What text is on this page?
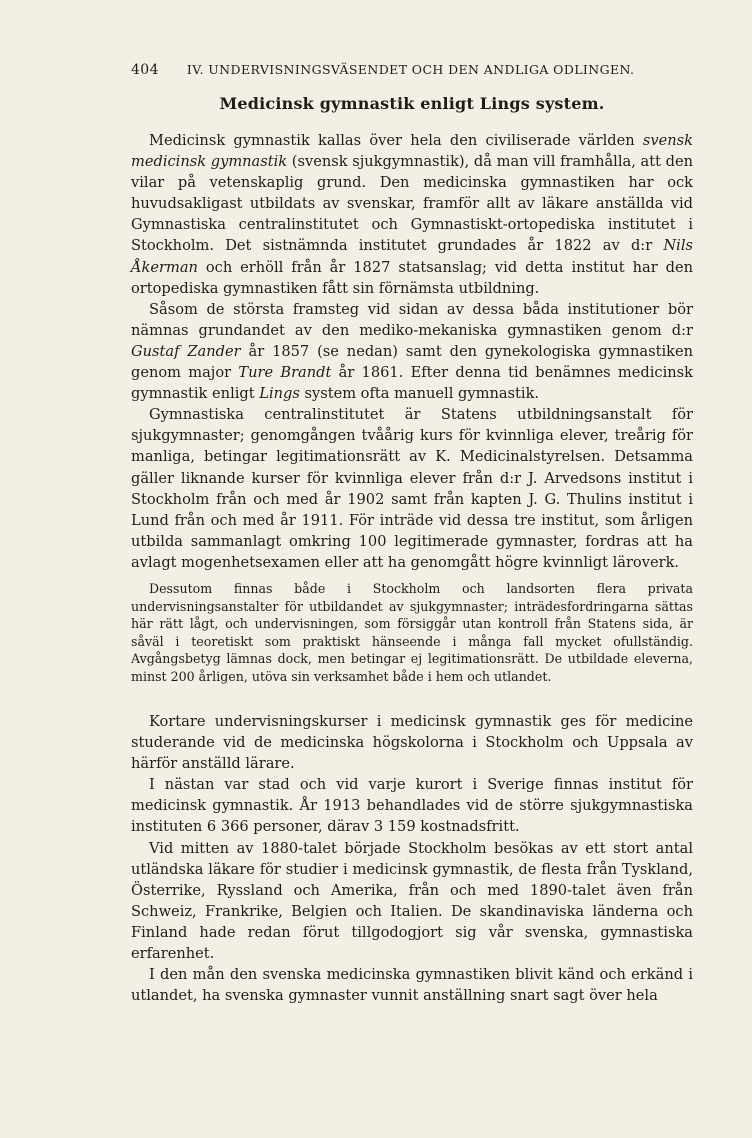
404 IV. UNDERVISNINGSVÄSENDET OCH DEN ANDLIGA ODLINGEN.
Medicinsk gymnastik enligt Lings system.

Medicinsk gymnastik kallas över hela den civiliserade världen svensk medicinsk gymnastik (svensk sjukgymnastik), då man vill framhålla, att den vilar på vetenskaplig grund. Den medicinska gymnastiken har ock huvudsakligast utbildats av svenskar, framför allt av läkare anställda vid Gymnastiska centralinstitutet och Gymnastiskt-ortopediska institutet i Stockholm. Det sistnämnda institutet grundades år 1822 av d:r Nils Åkerman och erhöll från år 1827 statsanslag; vid detta institut har den ortopediska gymnastiken fått sin förnämsta utbildning.

Såsom de största framsteg vid sidan av dessa båda institutioner bör nämnas grundandet av den mediko-mekaniska gymnastiken genom d:r Gustaf Zander år 1857 (se nedan) samt den gynekologiska gymnastiken genom major Ture Brandt år 1861. Efter denna tid benämnes medicinsk gymnastik enligt Lings system ofta manuell gymnastik.

Gymnastiska centralinstitutet är Statens utbildningsanstalt för sjukgymnaster; genomgången tvåårig kurs för kvinnliga elever, treårig för manliga, betingar legitimationsrätt av K. Medicinalstyrelsen. Detsamma gäller liknande kurser för kvinnliga elever från d:r J. Arvedsons institut i Stockholm från och med år 1902 samt från kapten J. G. Thulins institut i Lund från och med år 1911. För inträde vid dessa tre institut, som årligen utbilda sammanlagt omkring 100 legitimerade gymnaster, fordras att ha avlagt mogenhetsexamen eller att ha genomgått högre kvinnligt läroverk.

Dessutom finnas både i Stockholm och landsorten flera privata undervisningsanstalter för utbildandet av sjukgymnaster; inträdesfordringarna sättas här rätt lågt, och undervisningen, som försiggår utan kontroll från Statens sida, är såväl i teoretiskt som praktiskt hänseende i många fall mycket ofullständig. Avgångsbetyg lämnas dock, men betingar ej legitimationsrätt. De utbildade eleverna, minst 200 årligen, utöva sin verksamhet både i hem och utlandet.

Kortare undervisningskurser i medicinsk gymnastik ges för medicine studerande vid de medicinska högskolorna i Stockholm och Uppsala av härför anställd lärare.

I nästan var stad och vid varje kurort i Sverige finnas institut för medicinsk gymnastik. År 1913 behandlades vid de större sjukgymnastiska instituten 6 366 personer, därav 3 159 kostnadsfritt.

Vid mitten av 1880-talet började Stockholm besökas av ett stort antal utländska läkare för studier i medicinsk gymnastik, de flesta från Tyskland, Österrike, Ryssland och Amerika, från och med 1890-talet även från Schweiz, Frankrike, Belgien och Italien. De skandinaviska länderna och Finland hade redan förut tillgodogjort sig vår svenska, gymnastiska erfarenhet.

I den mån den svenska medicinska gymnastiken blivit känd och erkänd i utlandet, ha svenska gymnaster vunnit anställning snart sagt över hela
